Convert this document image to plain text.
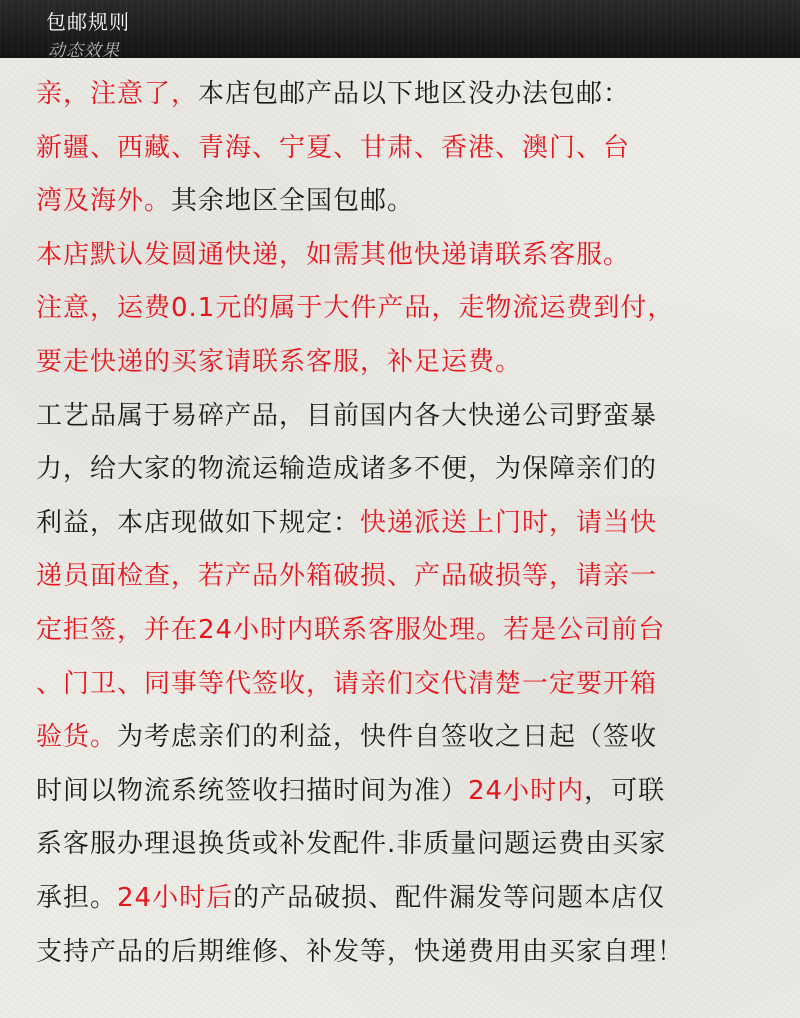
包邮规则
动态效果
亲，注意了，本店包邮产品以下地区没办法包邮：
新疆、西藏、青海、宁夏、甘肃、香港、澳门、台
湾及海外。其余地区全国包邮。
本店默认发圆通快递，如需其他快递请联系客服。
注意，运费0.1元的属于大件产品，走物流运费到付，
要走快递的买家请联系客服，补足运费。
工艺品属于易碎产品，目前国内各大快递公司野蛮暴
力，给大家的物流运输造成诸多不便，为保障亲们的
利益，本店现做如下规定：快递派送上门时，请当快
递员面检查，若产品外箱破损、产品破损等，请亲一
定拒签，并在24小时内联系客服处理。若是公司前台
、门卫、同事等代签收，请亲们交代清楚一定要开箱
验货。为考虑亲们的利益，快件自签收之日起（签收
时间以物流系统签收扫描时间为准）24小时内，可联
系客服办理退换货或补发配件.非质量问题运费由买家
承担。24小时后的产品破损、配件漏发等问题本店仅
支持产品的后期维修、补发等，快递费用由买家自理！
